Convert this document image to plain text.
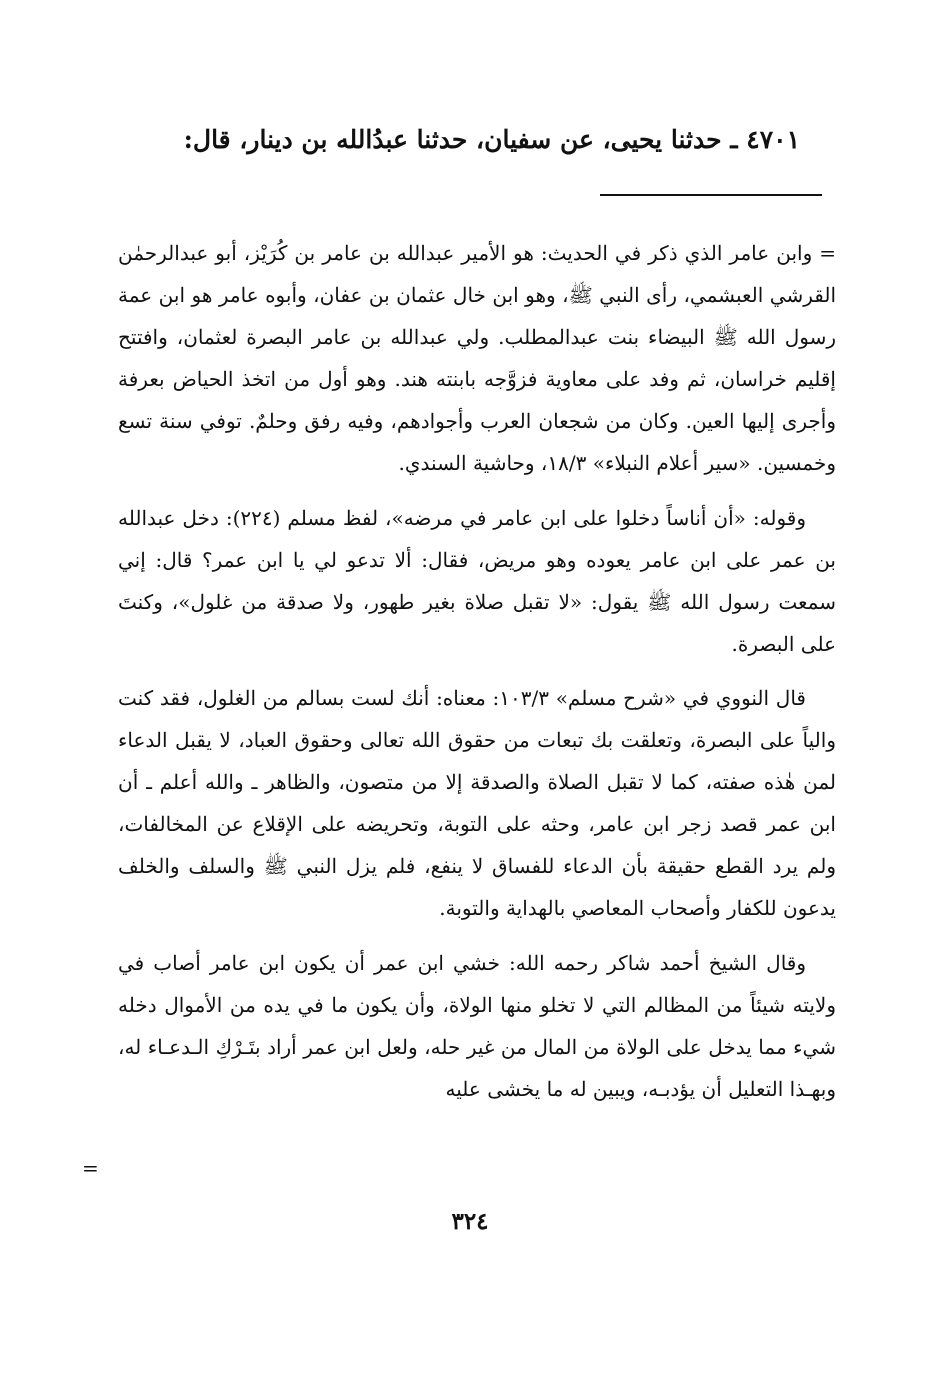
٤٧٠١ ـ حدثنا يحيى، عن سفيان، حدثنا عبدُالله بن دينار، قال:

= وابن عامر الذي ذكر في الحديث: هو الأمير عبدالله بن عامر بن كُرَيْز، أبو عبدالرحمٰن القرشي العبشمي، رأى النبي ﷺ، وهو ابن خال عثمان بن عفان، وأبوه عامر هو ابن عمة رسول الله ﷺ البيضاء بنت عبدالمطلب. ولي عبدالله بن عامر البصرة لعثمان، وافتتح إقليم خراسان، ثم وفد على معاوية فزوَّجه بابنته هند. وهو أول من اتخذ الحياض بعرفة وأجرى إليها العين. وكان من شجعان العرب وأجوادهم، وفيه رفق وحلمٌ. توفي سنة تسع وخمسين. «سير أعلام النبلاء» ١٨/٣، وحاشية السندي.

وقوله: «أن أناساً دخلوا على ابن عامر في مرضه»، لفظ مسلم (٢٢٤): دخل عبدالله بن عمر على ابن عامر يعوده وهو مريض، فقال: ألا تدعو لي يا ابن عمر؟ قال: إني سمعت رسول الله ﷺ يقول: «لا تقبل صلاة بغير طهور، ولا صدقة من غلول»، وكنتَ على البصرة.

قال النووي في «شرح مسلم» ١٠٣/٣: معناه: أنك لست بسالم من الغلول، فقد كنت والياً على البصرة، وتعلقت بك تبعات من حقوق الله تعالى وحقوق العباد، لا يقبل الدعاء لمن هٰذه صفته، كما لا تقبل الصلاة والصدقة إلا من متصون، والظاهر ـ والله أعلم ـ أن ابن عمر قصد زجر ابن عامر، وحثه على التوبة، وتحريضه على الإقلاع عن المخالفات، ولم يرد القطع حقيقة بأن الدعاء للفساق لا ينفع، فلم يزل النبي ﷺ والسلف والخلف يدعون للكفار وأصحاب المعاصي بالهداية والتوبة.

وقال الشيخ أحمد شاكر رحمه الله: خشي ابن عمر أن يكون ابن عامر أصاب في ولايته شيئاً من المظالم التي لا تخلو منها الولاة، وأن يكون ما في يده من الأموال دخله شيء مما يدخل على الولاة من المال من غير حله، ولعل ابن عمر أراد بتَـرْكِ الـدعـاء له، وبهـذا التعليل أن يؤدبـه، ويبين له ما يخشى عليه

=
٣٢٤
